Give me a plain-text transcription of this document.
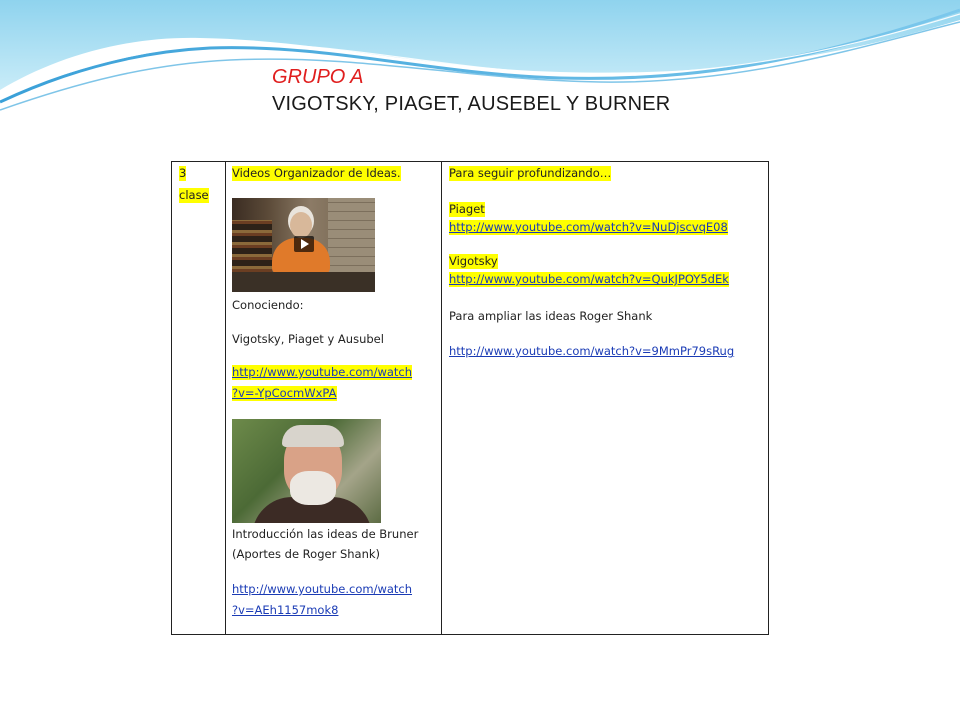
GRUPO A
VIGOTSKY, PIAGET, AUSEBEL Y BURNER
3
clase
Videos Organizador de Ideas.
Conociendo:
Vigotsky, Piaget y Ausubel
http://www.youtube.com/watch
?v=-YpCocmWxPA
Introducción las ideas de Bruner
(Aportes de Roger Shank)
http://www.youtube.com/watch
?v=AEh1157mok8
Para seguir profundizando…
Piaget
http://www.youtube.com/watch?v=NuDjscvqE08
Vigotsky
http://www.youtube.com/watch?v=QukJPOY5dEk
Para ampliar las ideas Roger Shank
http://www.youtube.com/watch?v=9MmPr79sRug
